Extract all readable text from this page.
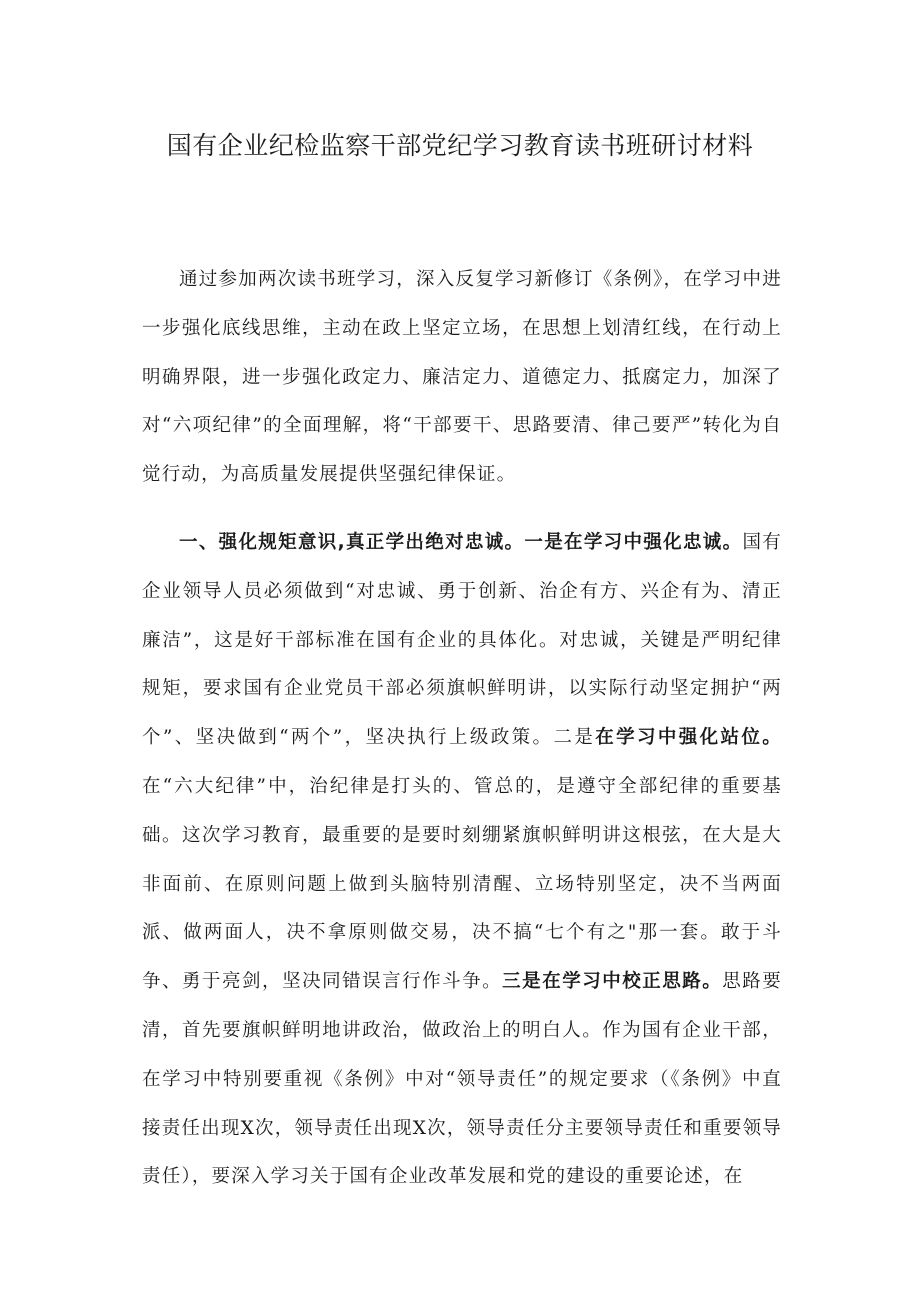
国有企业纪检监察干部党纪学习教育读书班研讨材料

通过参加两次读书班学习，深入反复学习新修订《条例》，在学习中进一步强化底线思维，主动在政上坚定立场，在思想上划清红线，在行动上明确界限，进一步强化政定力、廉洁定力、道德定力、抵腐定力，加深了对“六项纪律”的全面理解，将“干部要干、思路要清、律己要严”转化为自觉行动，为高质量发展提供坚强纪律保证。

一、强化规矩意识,真正学出绝对忠诚。一是在学习中强化忠诚。国有企业领导人员必须做到“对忠诚、勇于创新、治企有方、兴企有为、清正廉洁”，这是好干部标准在国有企业的具体化。对忠诚，关键是严明纪律规矩，要求国有企业党员干部必须旗帜鲜明讲，以实际行动坚定拥护“两个”、坚决做到“两个”，坚决执行上级政策。二是在学习中强化站位。在“六大纪律”中，治纪律是打头的、管总的，是遵守全部纪律的重要基础。这次学习教育，最重要的是要时刻绷紧旗帜鲜明讲这根弦，在大是大非面前、在原则问题上做到头脑特别清醒、立场特别坚定，决不当两面派、做两面人，决不拿原则做交易，决不搞“七个有之"那一套。敢于斗争、勇于亮剑，坚决同错误言行作斗争。三是在学习中校正思路。思路要清，首先要旗帜鲜明地讲政治，做政治上的明白人。作为国有企业干部，在学习中特别要重视《条例》中对“领导责任”的规定要求（《条例》中直接责任出现X次，领导责任出现X次，领导责任分主要领导责任和重要领导责任），要深入学习关于国有企业改革发展和党的建设的重要论述，在
